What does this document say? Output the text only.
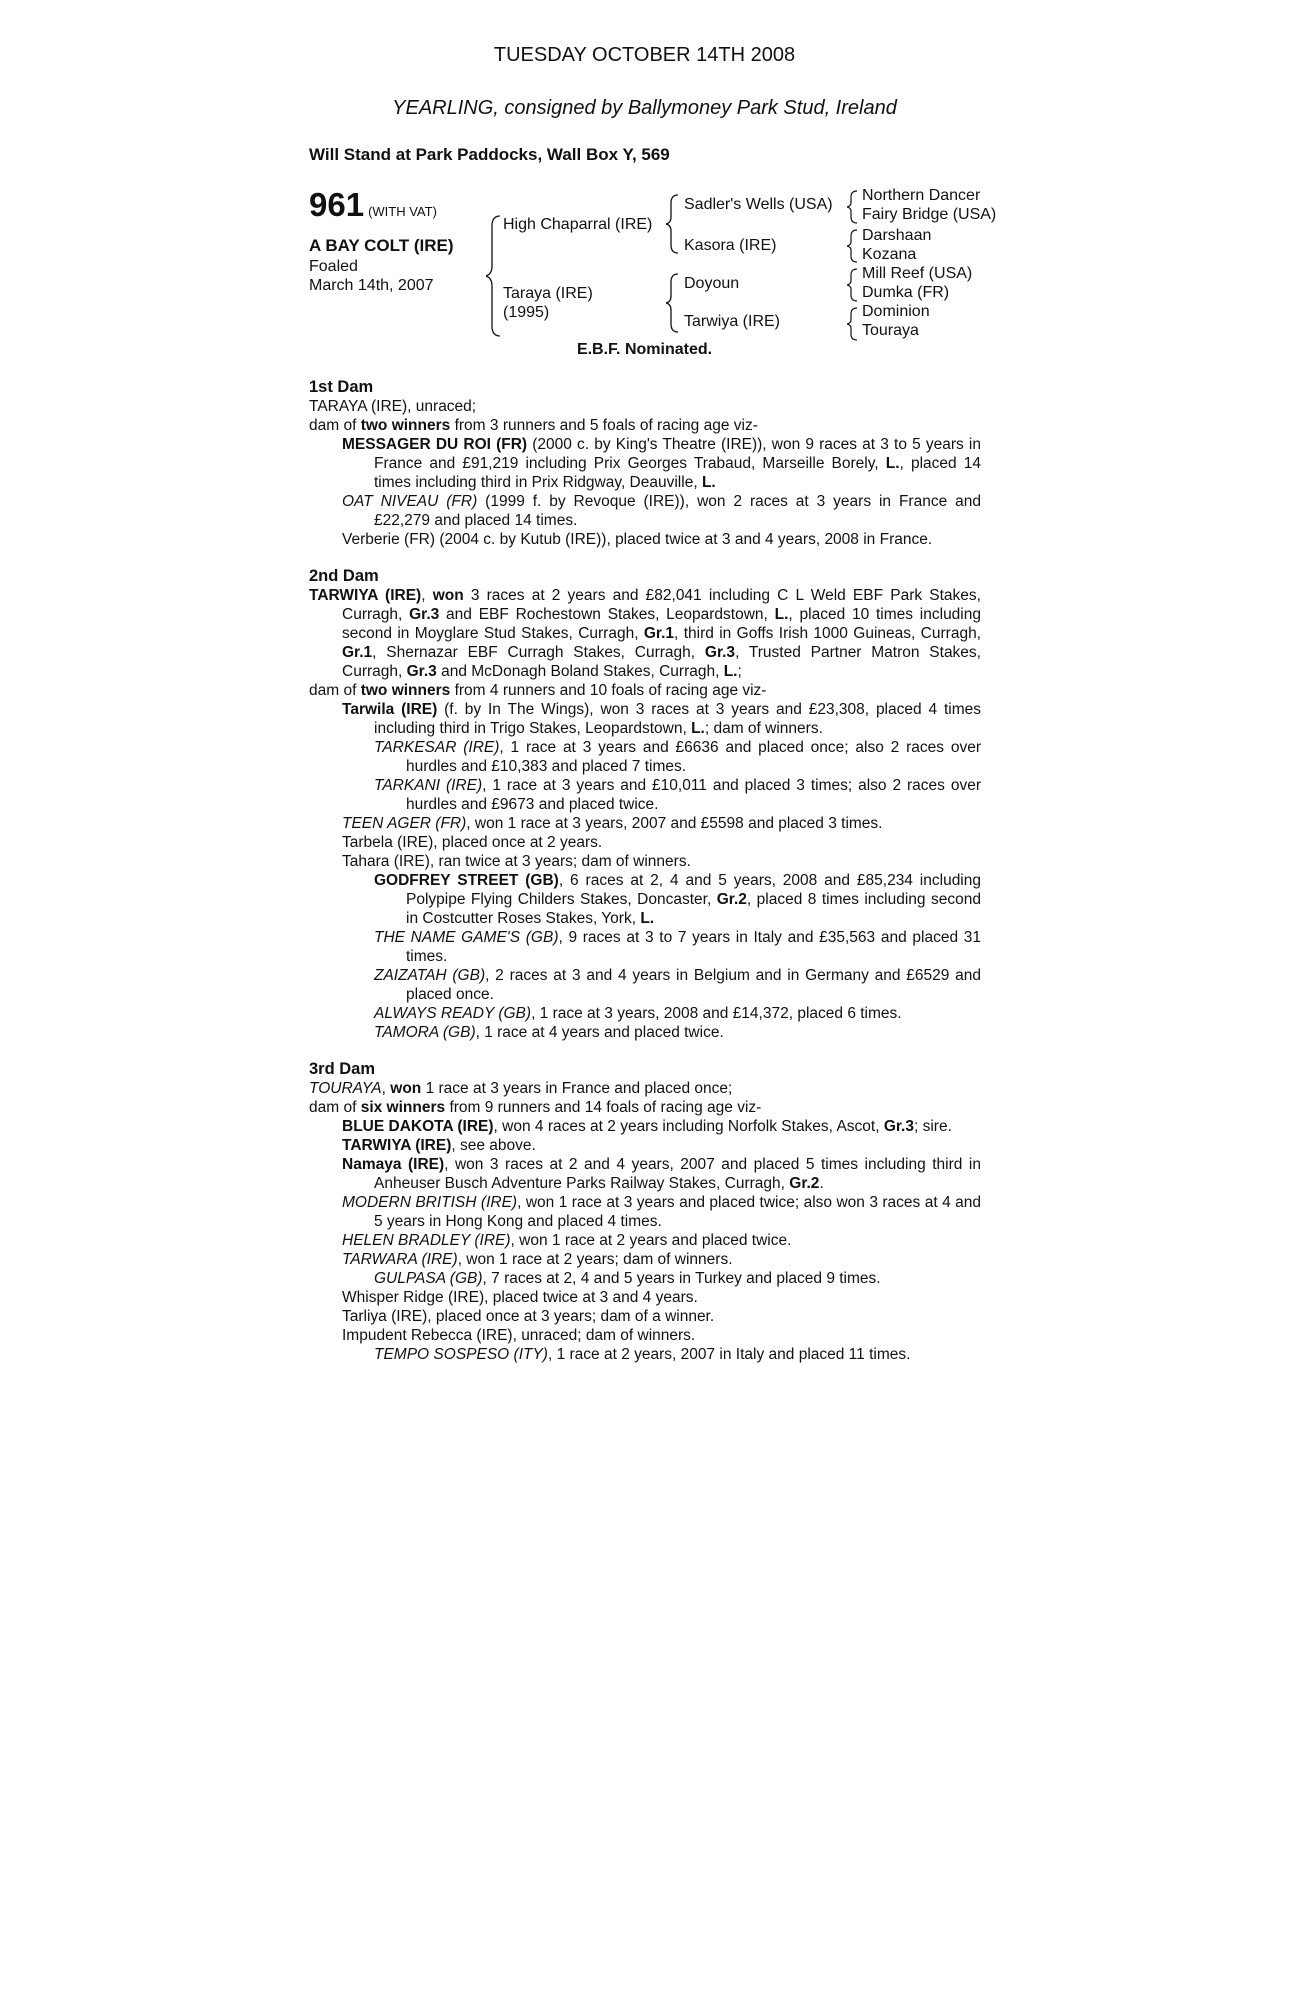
TUESDAY OCTOBER 14TH 2008
YEARLING, consigned by Ballymoney Park Stud, Ireland
Will Stand at Park Paddocks, Wall Box Y, 569
961 (WITH VAT)
A BAY COLT (IRE)
Foaled
March 14th, 2007
High Chaparral (IRE)
Taraya (IRE)
(1995)
Sadler's Wells (USA)
Kasora (IRE)
Doyoun
Tarwiya (IRE)
Northern Dancer
Fairy Bridge (USA)
Darshaan
Kozana
Mill Reef (USA)
Dumka (FR)
Dominion
Touraya
E.B.F. Nominated.
1st Dam
TARAYA (IRE), unraced;
dam of two winners from 3 runners and 5 foals of racing age viz-
MESSAGER DU ROI (FR) (2000 c. by King's Theatre (IRE)), won 9 races at 3 to 5 years in France and £91,219 including Prix Georges Trabaud, Marseille Borely, L., placed 14 times including third in Prix Ridgway, Deauville, L.
OAT NIVEAU (FR) (1999 f. by Revoque (IRE)), won 2 races at 3 years in France and £22,279 and placed 14 times.
Verberie (FR) (2004 c. by Kutub (IRE)), placed twice at 3 and 4 years, 2008 in France.
2nd Dam
TARWIYA (IRE), won 3 races at 2 years and £82,041 including C L Weld EBF Park Stakes, Curragh, Gr.3 and EBF Rochestown Stakes, Leopardstown, L., placed 10 times including second in Moyglare Stud Stakes, Curragh, Gr.1, third in Goffs Irish 1000 Guineas, Curragh, Gr.1, Shernazar EBF Curragh Stakes, Curragh, Gr.3, Trusted Partner Matron Stakes, Curragh, Gr.3 and McDonagh Boland Stakes, Curragh, L.;
dam of two winners from 4 runners and 10 foals of racing age viz-
Tarwila (IRE) (f. by In The Wings), won 3 races at 3 years and £23,308, placed 4 times including third in Trigo Stakes, Leopardstown, L.; dam of winners.
TARKESAR (IRE), 1 race at 3 years and £6636 and placed once; also 2 races over hurdles and £10,383 and placed 7 times.
TARKANI (IRE), 1 race at 3 years and £10,011 and placed 3 times; also 2 races over hurdles and £9673 and placed twice.
TEEN AGER (FR), won 1 race at 3 years, 2007 and £5598 and placed 3 times.
Tarbela (IRE), placed once at 2 years.
Tahara (IRE), ran twice at 3 years; dam of winners.
GODFREY STREET (GB), 6 races at 2, 4 and 5 years, 2008 and £85,234 including Polypipe Flying Childers Stakes, Doncaster, Gr.2, placed 8 times including second in Costcutter Roses Stakes, York, L.
THE NAME GAME'S (GB), 9 races at 3 to 7 years in Italy and £35,563 and placed 31 times.
ZAIZATAH (GB), 2 races at 3 and 4 years in Belgium and in Germany and £6529 and placed once.
ALWAYS READY (GB), 1 race at 3 years, 2008 and £14,372, placed 6 times.
TAMORA (GB), 1 race at 4 years and placed twice.
3rd Dam
TOURAYA, won 1 race at 3 years in France and placed once;
dam of six winners from 9 runners and 14 foals of racing age viz-
BLUE DAKOTA (IRE), won 4 races at 2 years including Norfolk Stakes, Ascot, Gr.3; sire.
TARWIYA (IRE), see above.
Namaya (IRE), won 3 races at 2 and 4 years, 2007 and placed 5 times including third in Anheuser Busch Adventure Parks Railway Stakes, Curragh, Gr.2.
MODERN BRITISH (IRE), won 1 race at 3 years and placed twice; also won 3 races at 4 and 5 years in Hong Kong and placed 4 times.
HELEN BRADLEY (IRE), won 1 race at 2 years and placed twice.
TARWARA (IRE), won 1 race at 2 years; dam of winners.
GULPASA (GB), 7 races at 2, 4 and 5 years in Turkey and placed 9 times.
Whisper Ridge (IRE), placed twice at 3 and 4 years.
Tarliya (IRE), placed once at 3 years; dam of a winner.
Impudent Rebecca (IRE), unraced; dam of winners.
TEMPO SOSPESO (ITY), 1 race at 2 years, 2007 in Italy and placed 11 times.
